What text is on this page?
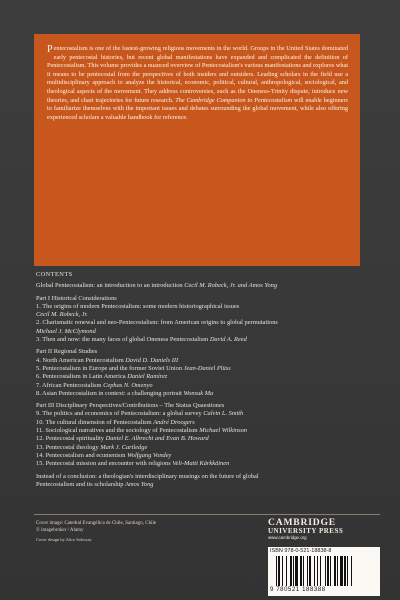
Pentecostalism is one of the fastest-growing religious movements in the world. Groups in the United States dominated early pentecostal histories, but recent global manifestations have expanded and complicated the definition of Pentecostalism. This volume provides a nuanced overview of Pentecostalism's various manifestations and explores what it means to be pentecostal from the perspectives of both insiders and outsiders. Leading scholars in the field use a multidisciplinary approach to analyze the historical, economic, political, cultural, anthropological, sociological, and theological aspects of the movement. They address controversies, such as the Oneness-Trinity dispute, introduce new theories, and chart trajectories for future research. The Cambridge Companion to Pentecostalism will enable beginners to familiarize themselves with the important issues and debates surrounding the global movement, while also offering experienced scholars a valuable handbook for reference.
CONTENTS
Global Pentecostalism: an introduction to an introduction Cecil M. Robeck, Jr. and Amos Yong
Part I Historical Considerations
1. The origins of modern Pentecostalism: some modern historiographical issues
Cecil M. Robeck, Jr.
2. Charismatic renewal and neo-Pentecostalism: from American origins to global permutations
Michael J. McClymond
3. Then and now: the many faces of global Oneness Pentecostalism David A. Reed
Part II Regional Studies
4. North American Pentecostalism David D. Daniels III
5. Pentecostalism in Europe and the former Soviet Union Jean-Daniel Plüss
6. Pentecostalism in Latin America Daniel Ramírez
7. African Pentecostalism Cephas N. Omenyo
8. Asian Pentecostalism in context: a challenging portrait Wonsuk Ma
Part III Disciplinary Perspectives/Contributions – The Status Quaestiones
9. The politics and economics of Pentecostalism: a global survey Calvin L. Smith
10. The cultural dimension of Pentecostalism André Droogers
11. Sociological narratives and the sociology of Pentecostalism Michael Wilkinson
12. Pentecostal spirituality Daniel E. Albrecht and Evan B. Howard
13. Pentecostal theology Mark J. Cartledge
14. Pentecostalism and ecumenism Wolfgang Vondey
15. Pentecostal mission and encounter with religions Veli-Matti Kärkkäinen
Instead of a conclusion: a theologian's interdisciplinary musings on the future of global
Pentecostalism and its scholarship Amos Yong
Cover image: Catedral Evangélica de Chile, Santiago, Chile
© imagebroker / Alamy
Cover design by Alice Soloway
CAMBRIDGE
UNIVERSITY PRESS
www.cambridge.org
ISBN 978-0-521-18838-8
9 780521 188388
